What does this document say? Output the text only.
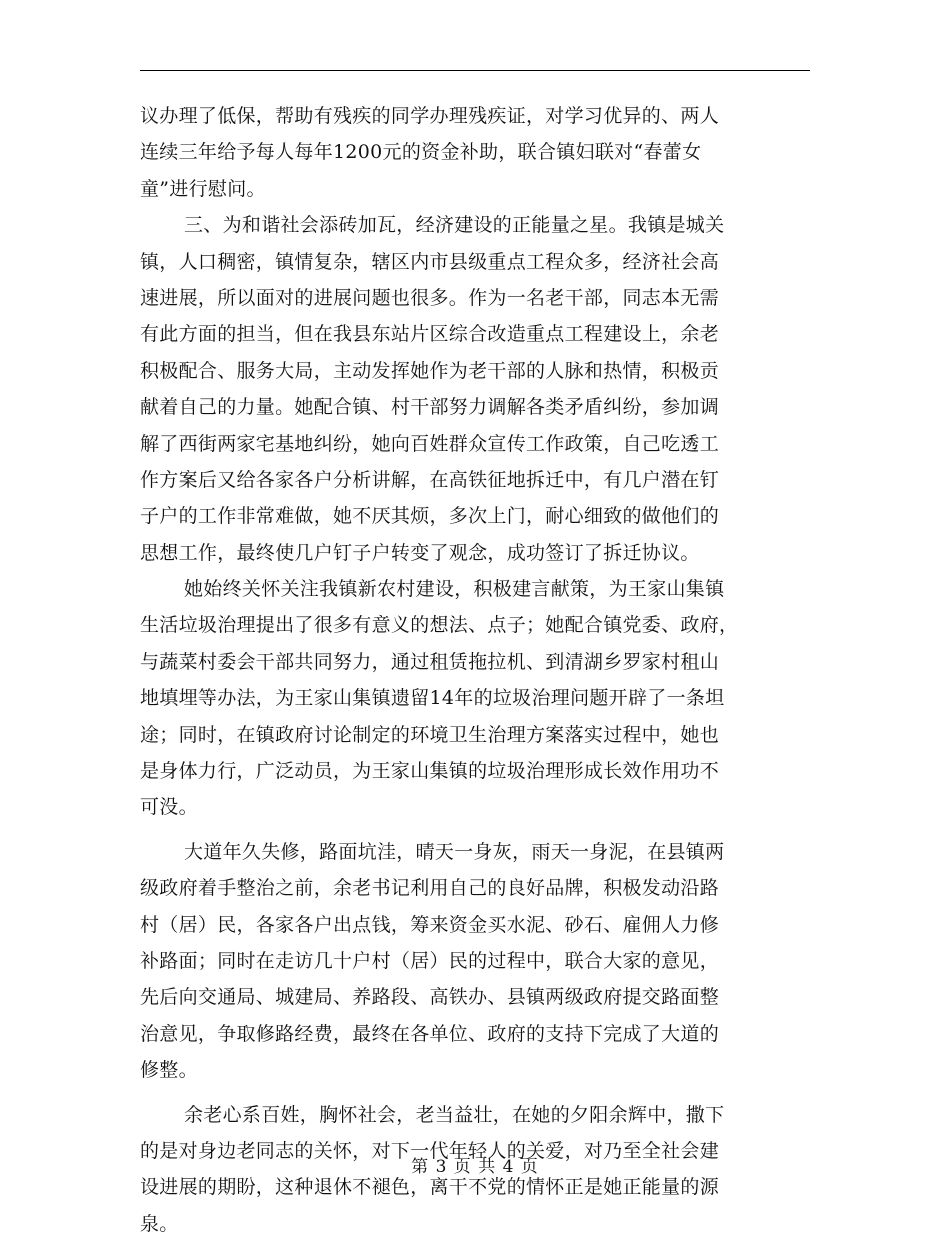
议办理了低保，帮助有残疾的同学办理残疾证，对学习优异的、两人
连续三年给予每人每年1200元的资金补助，联合镇妇联对“春蕾女
童”进行慰问。
三、为和谐社会添砖加瓦，经济建设的正能量之星。我镇是城关
镇，人口稠密，镇情复杂，辖区内市县级重点工程众多，经济社会高
速进展，所以面对的进展问题也很多。作为一名老干部，同志本无需
有此方面的担当，但在我县东站片区综合改造重点工程建设上，余老
积极配合、服务大局，主动发挥她作为老干部的人脉和热情，积极贡
献着自己的力量。她配合镇、村干部努力调解各类矛盾纠纷，参加调
解了西街两家宅基地纠纷，她向百姓群众宣传工作政策，自己吃透工
作方案后又给各家各户分析讲解，在高铁征地拆迁中，有几户潜在钉
子户的工作非常难做，她不厌其烦，多次上门，耐心细致的做他们的
思想工作，最终使几户钉子户转变了观念，成功签订了拆迁协议。
她始终关怀关注我镇新农村建设，积极建言献策，为王家山集镇
生活垃圾治理提出了很多有意义的想法、点子；她配合镇党委、政府，
与蔬菜村委会干部共同努力，通过租赁拖拉机、到清湖乡罗家村租山
地填埋等办法，为王家山集镇遗留14年的垃圾治理问题开辟了一条坦
途；同时，在镇政府讨论制定的环境卫生治理方案落实过程中，她也
是身体力行，广泛动员，为王家山集镇的垃圾治理形成长效作用功不
可没。
大道年久失修，路面坑洼，晴天一身灰，雨天一身泥，在县镇两
级政府着手整治之前，余老书记利用自己的良好品牌，积极发动沿路
村（居）民，各家各户出点钱，筹来资金买水泥、砂石、雇佣人力修
补路面；同时在走访几十户村（居）民的过程中，联合大家的意见，
先后向交通局、城建局、养路段、高铁办、县镇两级政府提交路面整
治意见，争取修路经费，最终在各单位、政府的支持下完成了大道的
修整。
余老心系百姓，胸怀社会，老当益壮，在她的夕阳余辉中，撒下
的是对身边老同志的关怀，对下一代年轻人的关爱，对乃至全社会建
设进展的期盼，这种退休不褪色，离干不党的情怀正是她正能量的源
泉。
第 3 页 共 4 页
